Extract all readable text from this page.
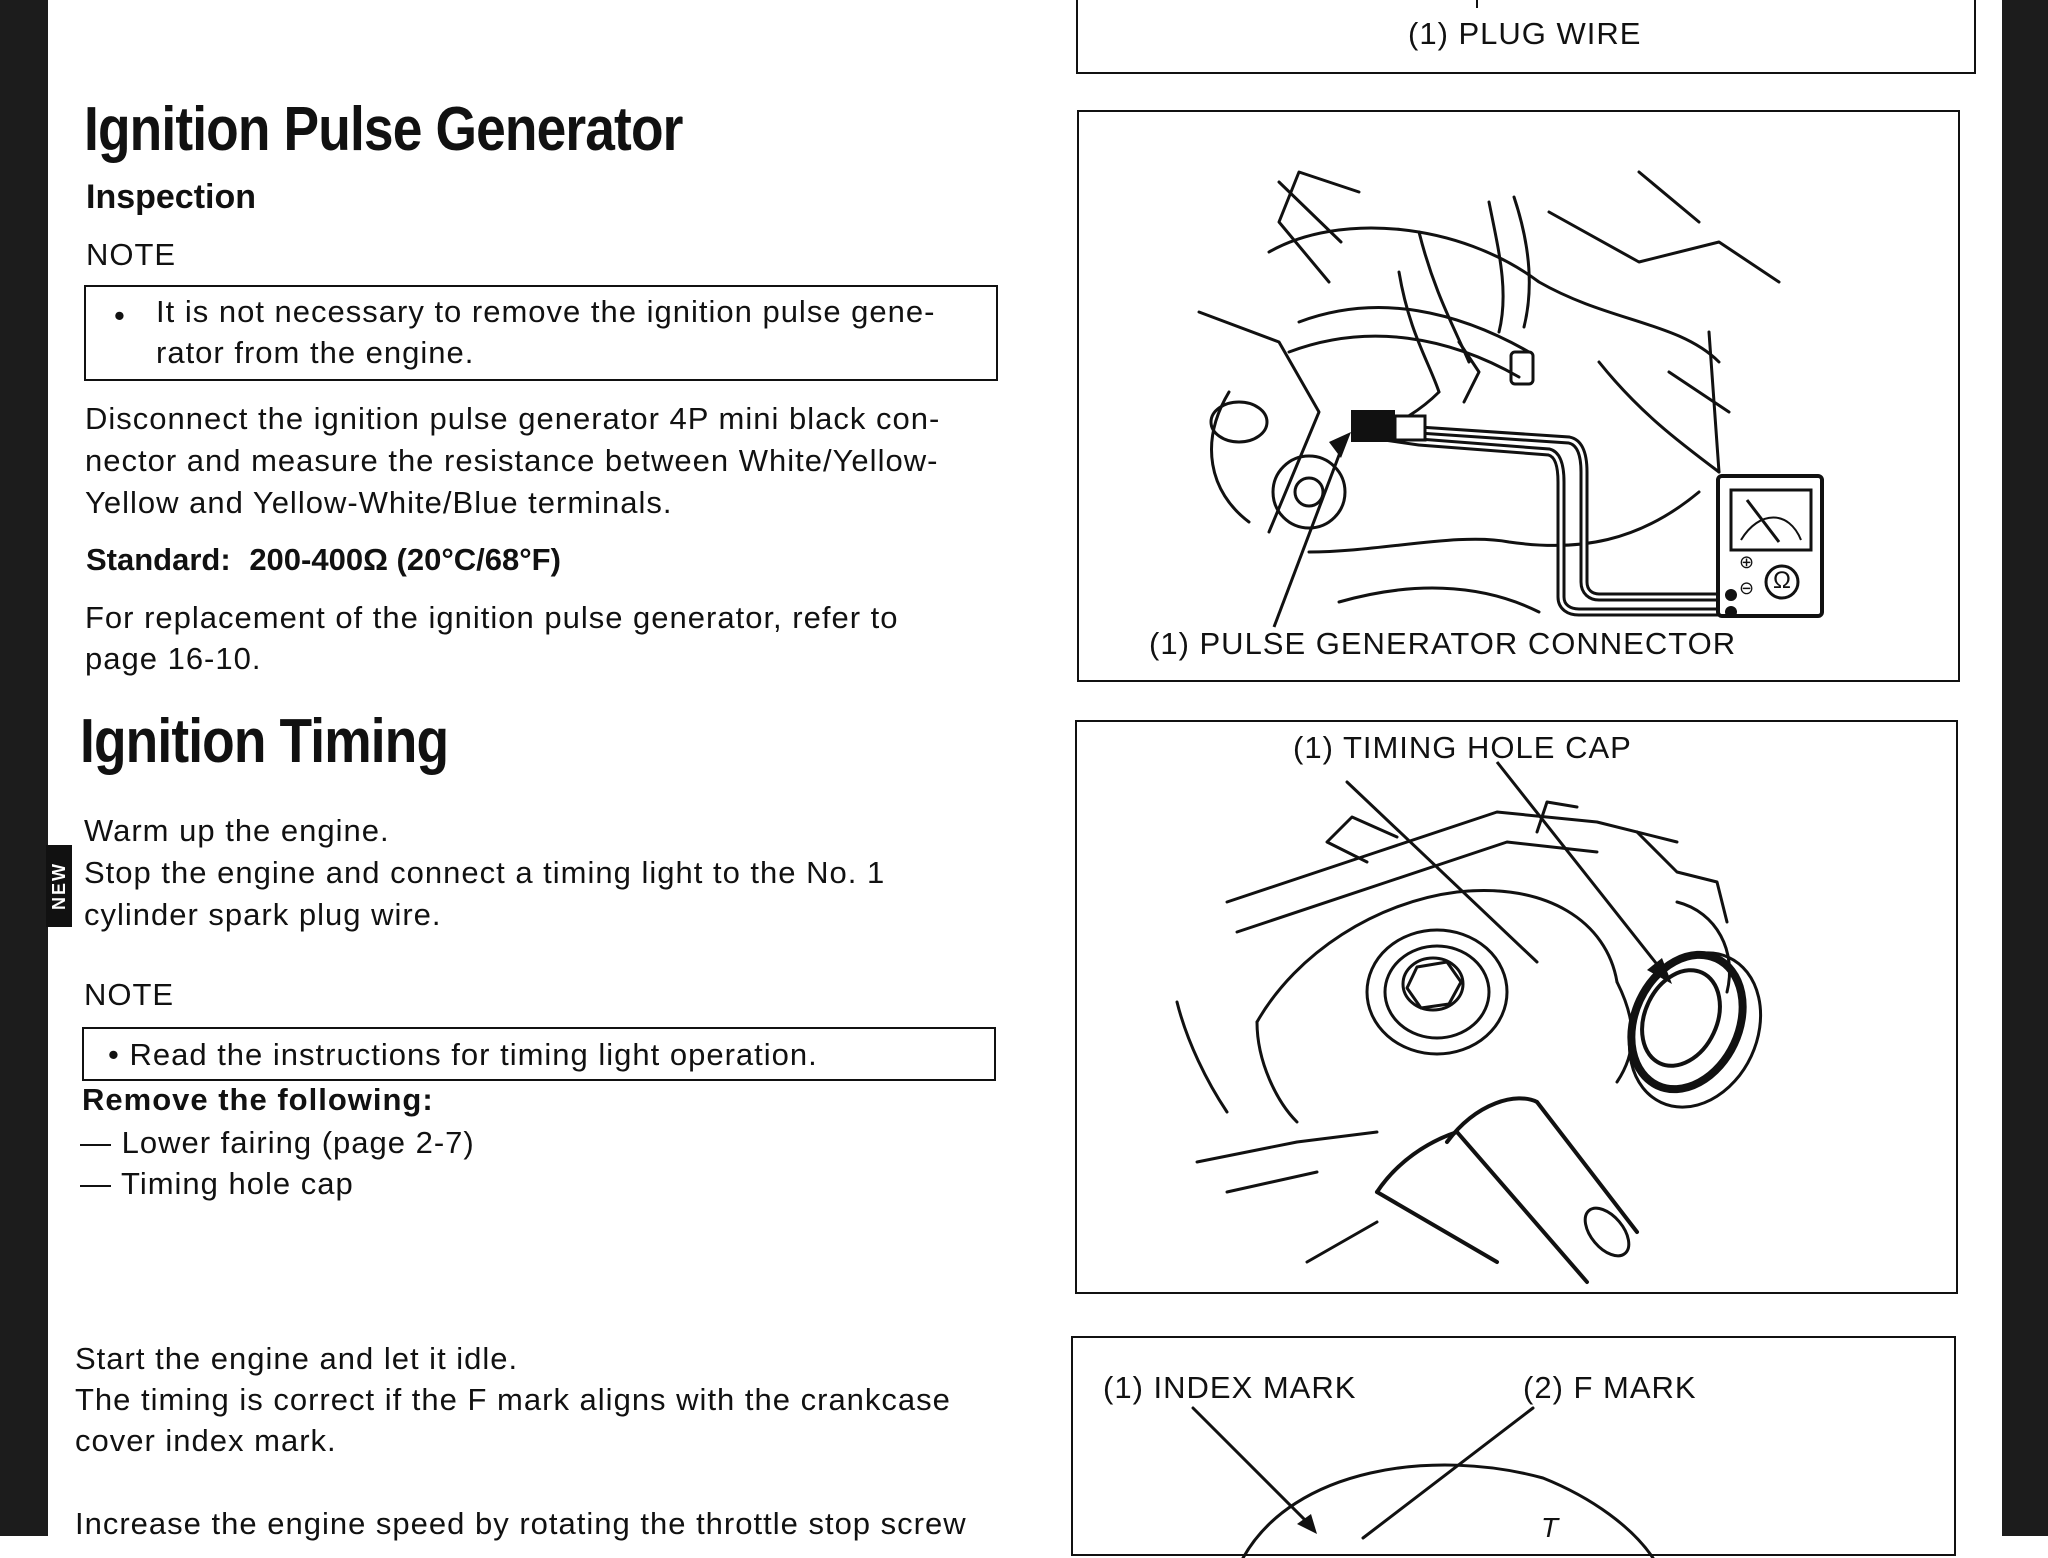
Ignition Pulse Generator
Inspection
NOTE
• It is not necessary to remove the ignition pulse gene-
rator from the engine.
Disconnect the ignition pulse generator 4P mini black con-
nector and measure the resistance between White/Yellow-
Yellow and Yellow-White/Blue terminals.
Standard: 200-400Ω (20°C/68°F)
For replacement of the ignition pulse generator, refer to
page 16-10.
Ignition Timing
NEW
Warm up the engine.
Stop the engine and connect a timing light to the No. 1
cylinder spark plug wire.
NOTE
• Read the instructions for timing light operation.
Remove the following:
— Lower fairing (page 2-7)
— Timing hole cap
Start the engine and let it idle.
The timing is correct if the F mark aligns with the crankcase
cover index mark.
Increase the engine speed by rotating the throttle stop screw
(1) PLUG WIRE
⊕
⊖ Ω
(1) PULSE GENERATOR CONNECTOR
(1) TIMING HOLE CAP
(1) INDEX MARK	(2) F MARK
T
